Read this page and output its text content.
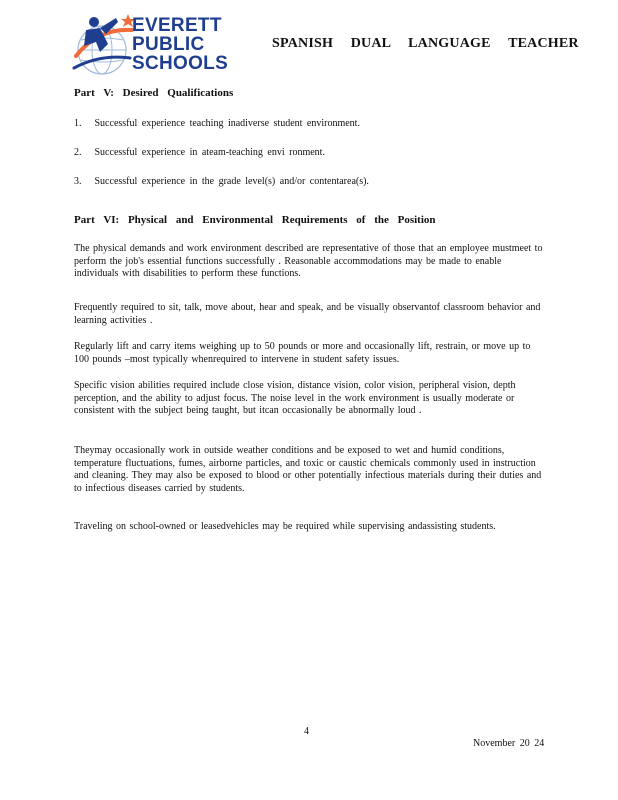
EVERETT
PUBLIC
SCHOOLS
SPANISH DUAL LANGUAGE TEACHER
Part V: Desired Qualifications
1. Successful experience teaching inadiverse student environment.
2. Successful experience in ateam-teaching envi ronment.
3. Successful experience in the grade level(s) and/or contentarea(s).
Part VI: Physical and Environmental Requirements of the Position
The physical demands and work environment described are representative of those that an employee mustmeet to perform the job's essential functions successfully . Reasonable accommodations may be made to enable individuals with disabilities to perform these functions.
Frequently required to sit, talk, move about, hear and speak, and be visually observantof classroom behavior and learning activities .
Regularly lift and carry items weighing up to 50 pounds or more and occasionally lift, restrain, or move up to 100 pounds –most typically whenrequired to intervene in student safety issues.
Specific vision abilities required include close vision, distance vision, color vision, peripheral vision, depth perception, and the ability to adjust focus. The noise level in the work environment is usually moderate or consistent with the subject being taught, but itcan occasionally be abnormally loud .
Theymay occasionally work in outside weather conditions and be exposed to wet and humid conditions, temperature fluctuations, fumes, airborne particles, and toxic or caustic chemicals commonly used in instruction and cleaning. They may also be exposed to blood or other potentially infectious materials during their duties and to infectious diseases carried by students.
Traveling on school-owned or leasedvehicles may be required while supervising andassisting students.
4
November 20 24
